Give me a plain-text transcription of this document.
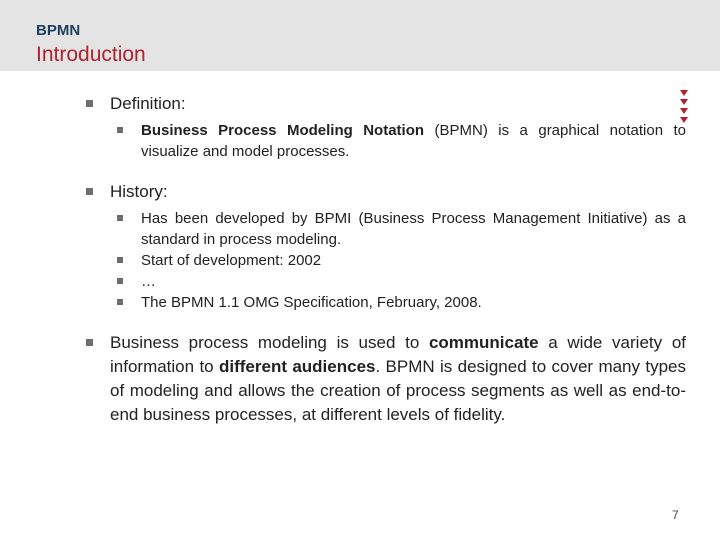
BPMN
Introduction
Definition:
Business Process Modeling Notation (BPMN) is a graphical notation to visualize and model processes.
History:
Has been developed by BPMI (Business Process Management Initiative) as a standard in process modeling.
Start of development: 2002
…
The BPMN 1.1 OMG Specification, February, 2008.
Business process modeling is used to communicate a wide variety of information to different audiences. BPMN is designed to cover many types of modeling and allows the creation of process segments as well as end-to-end business processes, at different levels of fidelity.
7
